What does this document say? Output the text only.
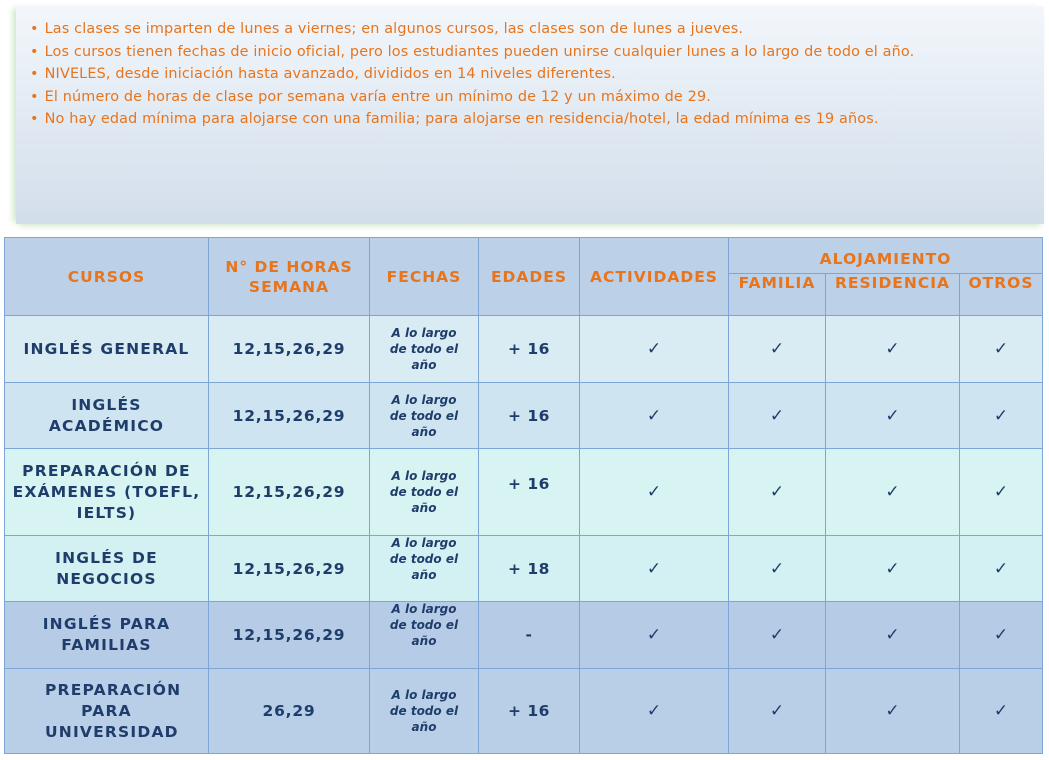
• Las clases se imparten de lunes a viernes; en algunos cursos, las clases son de lunes a jueves.
• Los cursos tienen fechas de inicio oficial, pero los estudiantes pueden unirse cualquier lunes a lo largo de todo el año.
• NIVELES, desde iniciación hasta avanzado, divididos en 14 niveles diferentes.
• El número de horas de clase por semana varía entre un mínimo de 12 y un máximo de 29.
• No hay edad mínima para alojarse con una familia; para alojarse en residencia/hotel, la edad mínima es 19 años.
CURSOS	N° DE HORAS SEMANA	FECHAS	EDADES	ACTIVIDADES	ALOJAMIENTO		
					FAMILIA	RESIDENCIA	OTROS
INGLÉS GENERAL	12,15,26,29	A lo largo de todo el año	+ 16	✓	✓	✓	✓
INGLÉS ACADÉMICO	12,15,26,29	A lo largo de todo el año	+ 16	✓	✓	✓	✓
PREPARACIÓN DE EXÁMENES (TOEFL, IELTS)	12,15,26,29	A lo largo de todo el año	+ 16	✓	✓	✓	✓
INGLÉS DE NEGOCIOS	12,15,26,29	A lo largo de todo el año	+ 18	✓	✓	✓	✓
INGLÉS PARA FAMILIAS	12,15,26,29	A lo largo de todo el año	-	✓	✓	✓	✓
PREPARACIÓN PARA UNIVERSIDAD	26,29	A lo largo de todo el año	+ 16	✓	✓	✓	✓
